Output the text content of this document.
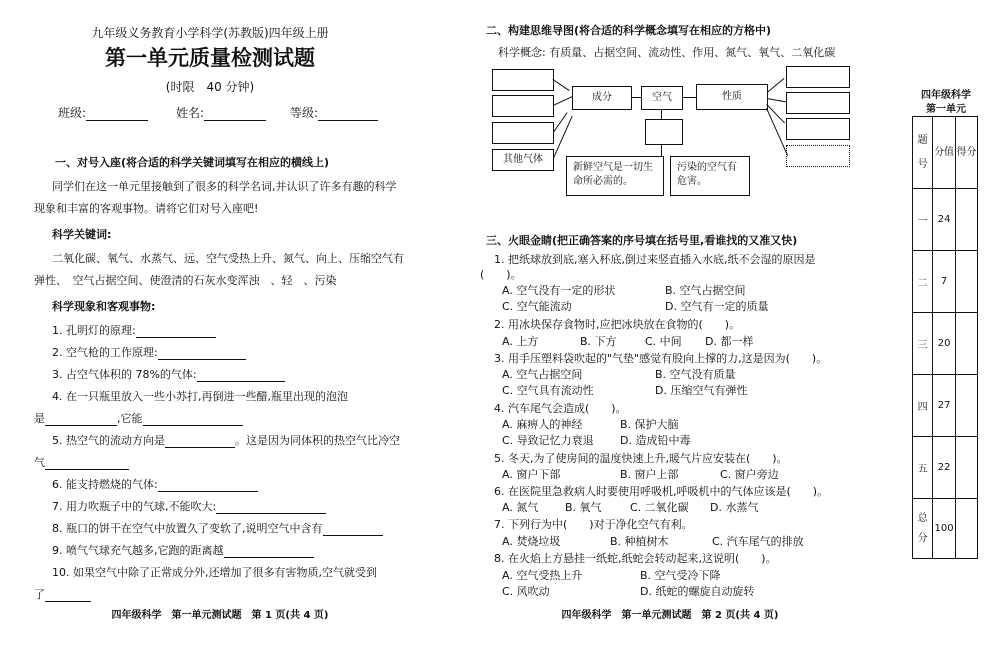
九年级义务教育小学科学(苏教版)四年级上册
第一单元质量检测试题
(时限　40 分钟)
班级:	姓名:	等级:
一、对号入座(将合适的科学关键词填写在相应的横线上)
同学们在这一单元里接触到了很多的科学名词,并认识了许多有趣的科学
现象和丰富的客观事物。请将它们对号入座吧!
科学关键词:
二氧化碳、氧气、水蒸气、远、空气受热上升、氮气、向上、压缩空气有
弹性、　空气占据空间、使澄清的石灰水变浑浊　、轻　、污染
科学现象和客观事物:
1. 孔明灯的原理:
2. 空气枪的工作原理:
3. 占空气体积的 78%的气体:
4. 在一只瓶里放入一些小苏打,再倒进一些醋,瓶里出现的泡泡
是	,它能
5. 热空气的流动方向是	。这是因为同体积的热空气比冷空
气
6. 能支持燃烧的气体:
7. 用力吹瓶子中的气球,不能吹大:
8. 瓶口的饼干在空气中放置久了变软了,说明空气中含有
9. 喷气气球充气越多,它跑的距离越
10. 如果空气中除了正常成分外,还增加了很多有害物质,空气就受到
了
四年级科学　第一单元测试题　第 1 页(共 4 页)
二、构建思维导图(将合适的科学概念填写在相应的方格中)
科学概念: 有质量、占据空间、流动性、作用、氮气、氧气、二氧化碳
其他气体
成分	空气	性质
新鲜空气是一切生命所必需的。
污染的空气有危害。
三、火眼金睛(把正确答案的序号填在括号里,看谁找的又准又快)
1. 把纸球放到底,塞入杯底,倒过来竖直插入水底,纸不会湿的原因是
(　　)。
A. 空气没有一定的形状	B. 空气占据空间
C. 空气能流动	D. 空气有一定的质量
2. 用冰块保存食物时,应把冰块放在食物的(　　)。
A. 上方	B. 下方	C. 中间 D. 都一样
3. 用手压塑料袋吹起的"气垫"感觉有股向上撑的力,这是因为(　　)。
A. 空气占据空间	B. 空气没有质量
C. 空气具有流动性	D. 压缩空气有弹性
4. 汽车尾气会造成(　　)。
A. 麻痹人的神经	B. 保护大脑
C. 导致记忆力衰退 D. 造成铅中毒
5. 冬天,为了使房间的温度快速上升,暖气片应安装在(　　)。
A. 窗户下部	B. 窗户上部	C. 窗户旁边
6. 在医院里急救病人时要使用呼吸机,呼吸机中的气体应该是(　　)。
A. 氮气 B. 氧气	C. 二氧化碳 D. 水蒸气
7. 下列行为中(　　)对于净化空气有利。
A. 焚烧垃圾	B. 种植树木	C. 汽车尾气的排放
8. 在火焰上方悬挂一纸蛇,纸蛇会转动起来,这说明(　　)。
A. 空气受热上升	B. 空气受冷下降
C. 风吹动	D. 纸蛇的螺旋自动旋转
四年级科学　第一单元测试题　第 2 页(共 4 页)
四年级科学
第一单元
题号	分值	得分
一	24	
二	7	
三	20	
四	27	
五	22	
总分	100	
